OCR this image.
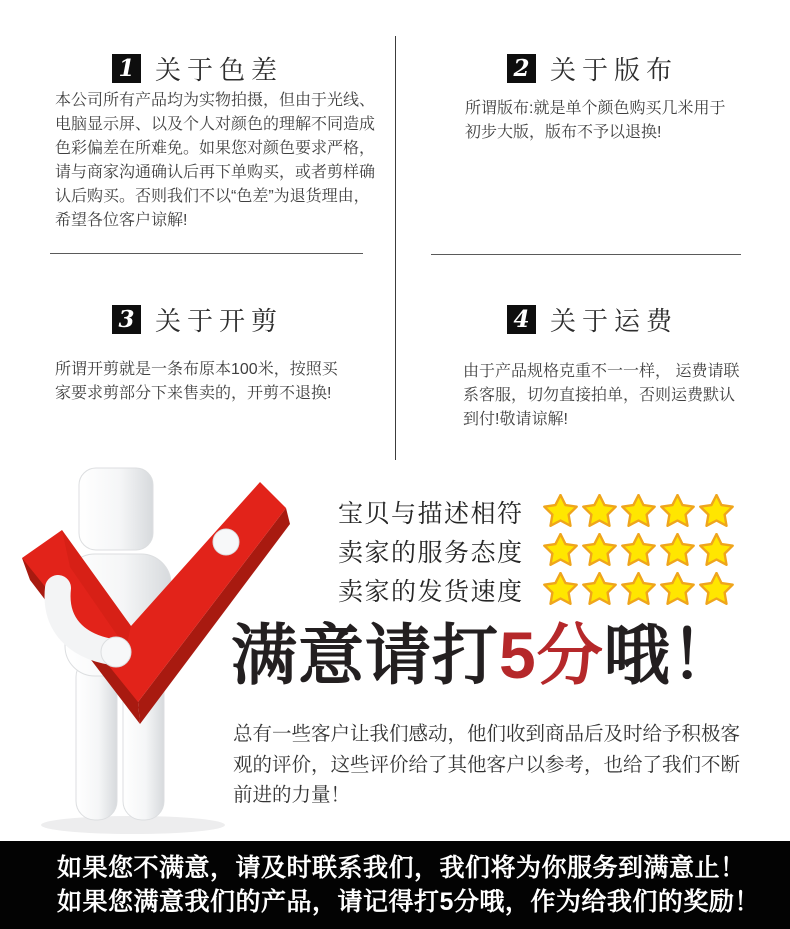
1 关于色差
本公司所有产品均为实物拍摄，但由于光线、电脑显示屏、以及个人对颜色的理解不同造成色彩偏差在所难免。如果您对颜色要求严格，请与商家沟通确认后再下单购买，或者剪样确认后购买。否则我们不以“色差”为退货理由，希望各位客户谅解!
2 关于版布
所谓版布:就是单个颜色购买几米用于初步大版，版布不予以退换!
3 关于开剪
所谓开剪就是一条布原本100米，按照买家要求剪部分下来售卖的，开剪不退换!
4 关于运费
由于产品规格克重不一一样， 运费请联系客服，切勿直接拍单，否则运费默认到付!敬请谅解!
宝贝与描述相符
卖家的服务态度
卖家的发货速度
满意请打5分哦！
总有一些客户让我们感动，他们收到商品后及时给予积极客观的评价，这些评价给了其他客户以参考，也给了我们不断前进的力量！
如果您不满意，请及时联系我们，我们将为你服务到满意止！
如果您满意我们的产品，请记得打5分哦，作为给我们的奖励！
